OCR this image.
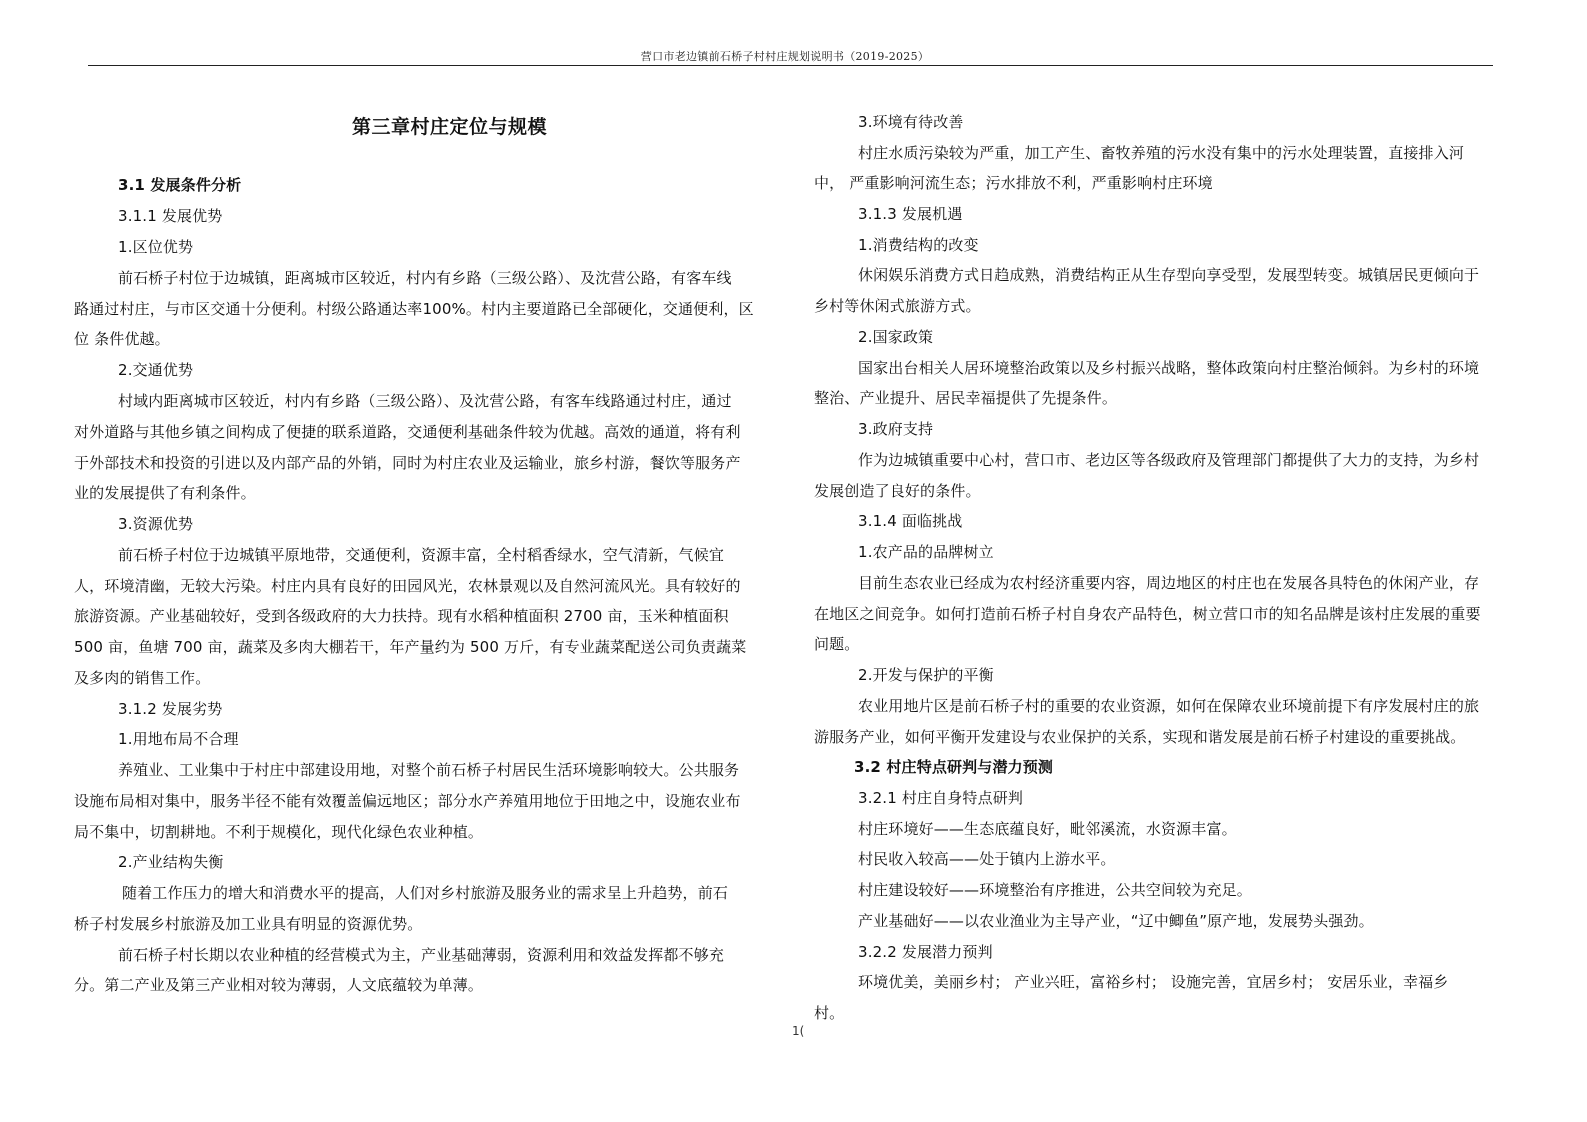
营口市老边镇前石桥子村村庄规划说明书（2019-2025）
第三章村庄定位与规模
3.1 发展条件分析
3.1.1 发展优势
1.区位优势
前石桥子村位于边城镇，距离城市区较近，村内有乡路（三级公路）、及沈营公路，有客车线
路通过村庄，与市区交通十分便利。村级公路通达率100%。村内主要道路已全部硬化，交通便利，区
位 条件优越。
2.交通优势
村域内距离城市区较近，村内有乡路（三级公路）、及沈营公路，有客车线路通过村庄，通过
对外道路与其他乡镇之间构成了便捷的联系道路，交通便利基础条件较为优越。高效的通道，将有利
于外部技术和投资的引进以及内部产品的外销，同时为村庄农业及运输业，旅乡村游，餐饮等服务产
业的发展提供了有利条件。
3.资源优势
前石桥子村位于边城镇平原地带，交通便利，资源丰富，全村稻香绿水，空气清新，气候宜
人，环境清幽，无较大污染。村庄内具有良好的田园风光，农林景观以及自然河流风光。具有较好的
旅游资源。产业基础较好，受到各级政府的大力扶持。现有水稻种植面积 2700 亩，玉米种植面积
500 亩，鱼塘 700 亩，蔬菜及多肉大棚若干，年产量约为 500 万斤，有专业蔬菜配送公司负责蔬菜
及多肉的销售工作。
3.1.2 发展劣势
1.用地布局不合理
养殖业、工业集中于村庄中部建设用地，对整个前石桥子村居民生活环境影响较大。公共服务
设施布局相对集中，服务半径不能有效覆盖偏远地区；部分水产养殖用地位于田地之中，设施农业布
局不集中，切割耕地。不利于规模化，现代化绿色农业种植。
2.产业结构失衡
随着工作压力的增大和消费水平的提高，人们对乡村旅游及服务业的需求呈上升趋势，前石
桥子村发展乡村旅游及加工业具有明显的资源优势。
前石桥子村长期以农业种植的经营模式为主，产业基础薄弱，资源利用和效益发挥都不够充
分。第二产业及第三产业相对较为薄弱，人文底蕴较为单薄。
3.环境有待改善
村庄水质污染较为严重，加工产生、畜牧养殖的污水没有集中的污水处理装置，直接排入河
中， 严重影响河流生态；污水排放不利，严重影响村庄环境
3.1.3 发展机遇
1.消费结构的改变
休闲娱乐消费方式日趋成熟，消费结构正从生存型向享受型，发展型转变。城镇居民更倾向于
乡村等休闲式旅游方式。
2.国家政策
国家出台相关人居环境整治政策以及乡村振兴战略，整体政策向村庄整治倾斜。为乡村的环境
整治、产业提升、居民幸福提供了先提条件。
3.政府支持
作为边城镇重要中心村，营口市、老边区等各级政府及管理部门都提供了大力的支持，为乡村
发展创造了良好的条件。
3.1.4 面临挑战
1.农产品的品牌树立
目前生态农业已经成为农村经济重要内容，周边地区的村庄也在发展各具特色的休闲产业，存
在地区之间竞争。如何打造前石桥子村自身农产品特色，树立营口市的知名品牌是该村庄发展的重要
问题。
2.开发与保护的平衡
农业用地片区是前石桥子村的重要的农业资源，如何在保障农业环境前提下有序发展村庄的旅
游服务产业，如何平衡开发建设与农业保护的关系，实现和谐发展是前石桥子村建设的重要挑战。
3.2 村庄特点研判与潜力预测
3.2.1 村庄自身特点研判
村庄环境好——生态底蕴良好，毗邻溪流，水资源丰富。
村民收入较高——处于镇内上游水平。
村庄建设较好——环境整治有序推进，公共空间较为充足。
产业基础好——以农业渔业为主导产业，“辽中鲫鱼”原产地，发展势头强劲。
3.2.2 发展潜力预判
环境优美，美丽乡村； 产业兴旺，富裕乡村； 设施完善，宜居乡村； 安居乐业，幸福乡
村。
1(
